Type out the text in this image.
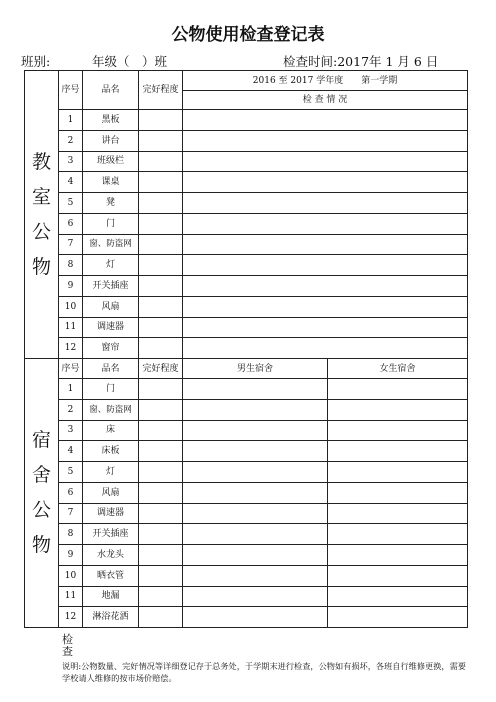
公物使用检查登记表
班别:	年级（　）班	检查时间:2017年 1 月 6 日
教
室
公
物	序号	品名	完好程度	2016 至 2017 学年度　　第一学期	
				检 查 情 况	
	1	黑板			
	2	讲台			
	3	班级栏			
	4	课桌			
	5	凳			
	6	门			
	7	窗、防盗网			
	8	灯			
	9	开关插座			
	10	风扇			
	11	调速器			
	12	窗帘			

宿
舍
公
物	序号	品名	完好程度	男生宿舍	女生宿舍
	1	门			
	2	窗、防盗网			
	3	床			
	4	床板			
	5	灯			
	6	风扇			
	7	调速器			
	8	开关插座			
	9	水龙头			
	10	晒衣管			
	11	地漏			
	12	淋浴花洒			
检查
说明:公物数量、完好情况等详细登记存于总务处，于学期末进行检查，公物如有损坏，各班自行维修更换，需要学校请人维修的按市场价赔偿。
